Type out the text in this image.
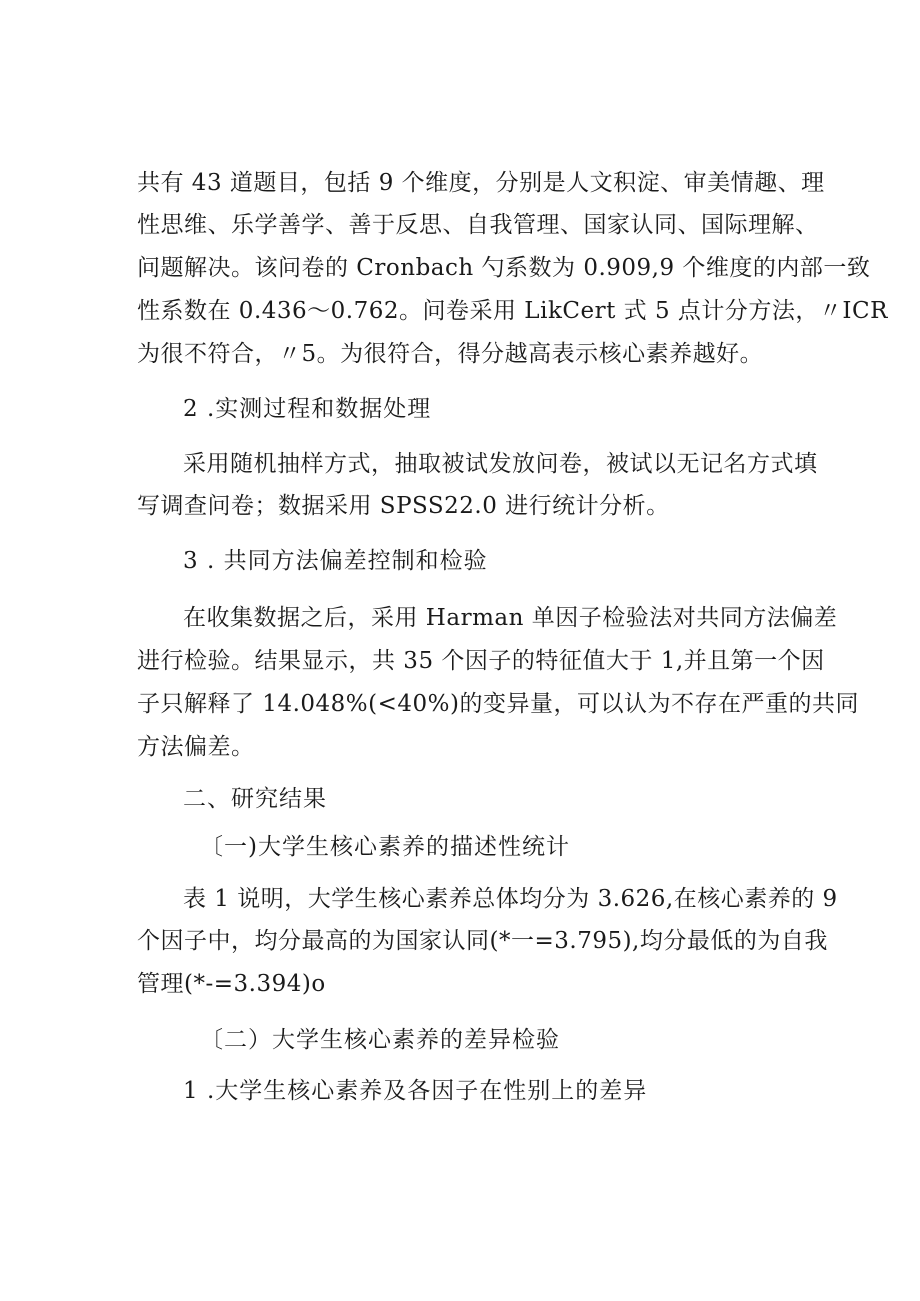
共有 43 道题目，包括 9 个维度，分别是人文积淀、审美情趣、理
性思维、乐学善学、善于反思、自我管理、国家认同、国际理解、
问题解决。该问卷的 Cronbach 勺系数为 0.909,9 个维度的内部一致
性系数在 0.436～0.762。问卷采用 LikCert 式 5 点计分方法，〃ICR
为很不符合，〃5。为很符合，得分越高表示核心素养越好。
2 .实测过程和数据处理
采用随机抽样方式，抽取被试发放问卷，被试以无记名方式填
写调查问卷；数据采用 SPSS22.0 进行统计分析。
3 . 共同方法偏差控制和检验
在收集数据之后，采用 Harman 单因子检验法对共同方法偏差
进行检验。结果显示，共 35 个因子的特征值大于 1,并且第一个因
子只解释了 14.048%(<40%)的变异量，可以认为不存在严重的共同
方法偏差。
二、研究结果
〔一)大学生核心素养的描述性统计
表 1 说明，大学生核心素养总体均分为 3.626,在核心素养的 9
个因子中，均分最高的为国家认同(*一=3.795),均分最低的为自我
管理(*-=3.394)o
〔二）大学生核心素养的差异检验
1 .大学生核心素养及各因子在性别上的差异
